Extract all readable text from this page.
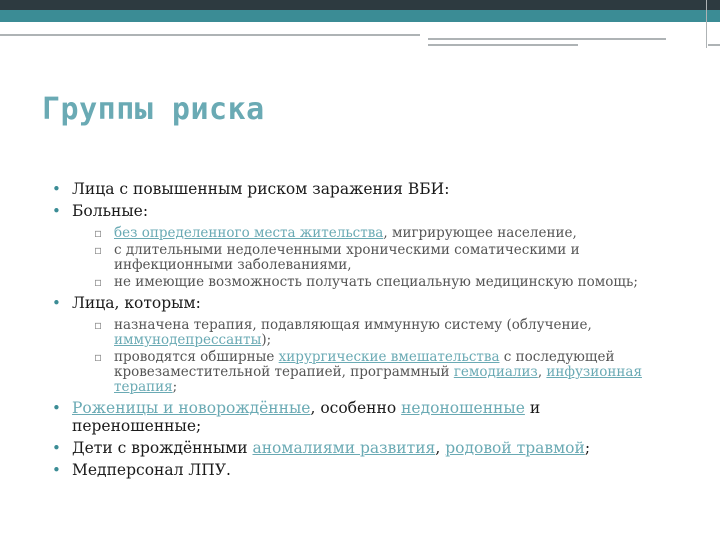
Группы риска
• Лица с повышенным риском заражения ВБИ:
• Больные:
▫ без определенного места жительства, мигрирующее население,
▫ с длительными недолеченными хроническими соматическими и инфекционными заболеваниями,
▫ не имеющие возможность получать специальную медицинскую помощь;
• Лица, которым:
▫ назначена терапия, подавляющая иммунную систему (облучение, иммунодепрессанты);
▫ проводятся обширные хирургические вмешательства с последующей кровезаместительной терапией, программный гемодиализ, инфузионная терапия;
• Роженицы и новорождённые, особенно недоношенные и переношенные;
• Дети с врождёнными аномалиями развития, родовой травмой;
• Медперсонал ЛПУ.
